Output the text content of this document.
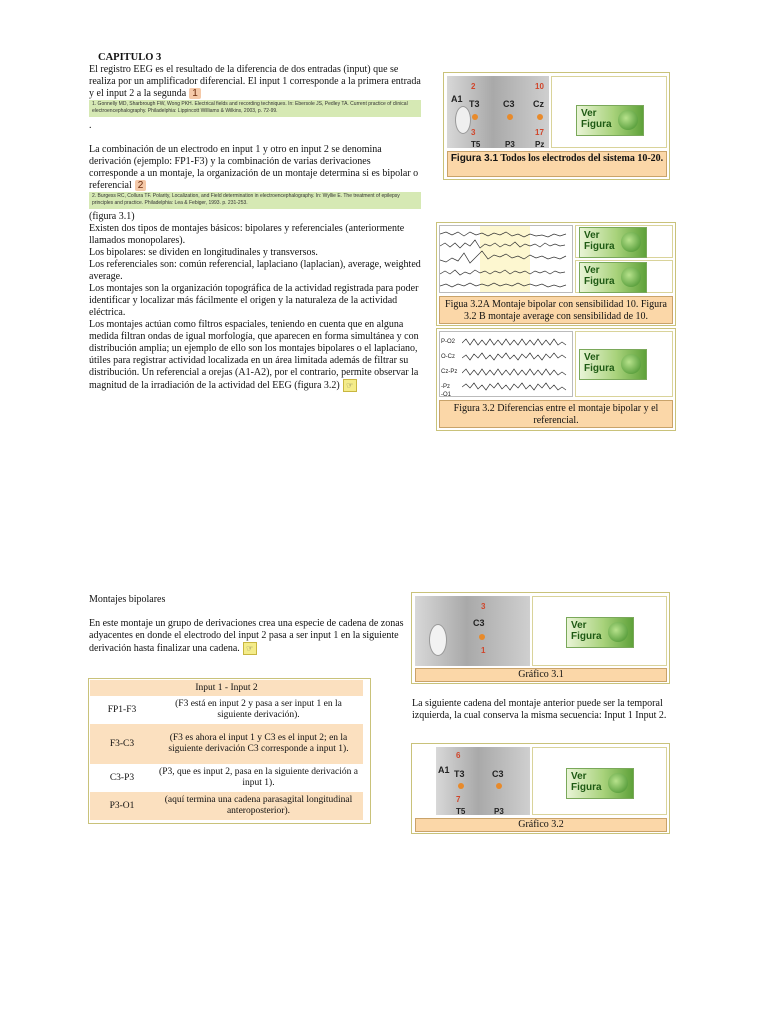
CAPITULO 3
El registro EEG es el resultado de la diferencia de dos entradas (input) que se realiza por un amplificador diferencial. El input 1 corresponde a la primera entrada y el input 2 a la segunda 1
1. Gonnelly MD, Sharbrough FW, Wong PKH. Electrical fields and recording techniques. In: Ebersole JS, Pedley TA. Current practice of clinical electroencephalography. Philadelphia: Lippincott Williams & Wilkins, 2003, p. 72-99.
.
La combinación de un electrodo en input 1 y otro en input 2 se denomina derivación (ejemplo: FP1-F3) y la combinación de varias derivaciones corresponde a un montaje, la organización de un montaje determina si es bipolar o referencial 2
2. Burgess RC, Collura TF. Polarity, Localization, and Field determination in electroencephalography. In: Wyllie E. The treatment of epilepsy principles and practice. Philadelphia: Lea & Febiger, 1993. p. 231-253.
(figura 3.1)
Existen dos tipos de montajes básicos: bipolares y referenciales (anteriormente llamados monopolares).
Los bipolares: se dividen en longitudinales y transversos.
Los referenciales son: común referencial, laplaciano (laplacian), average, weighted average.
Los montajes son la organización topográfica de la actividad registrada para poder identificar y localizar más fácilmente el origen y la naturaleza de la actividad eléctrica.
Los montajes actúan como filtros espaciales, teniendo en cuenta que en alguna medida filtran ondas de igual morfología, que aparecen en forma simultánea y con distribución amplia; un ejemplo de ello son los montajes bipolares o el laplaciano, útiles para registrar actividad localizada en un área limitada además de filtrar su distribución. Un referencial a orejas (A1-A2), por el contrario, permite observar la magnitud de la irradiación de la actividad del EEG (figura 3.2) ☞
A1 T3	C3 Cz
2	10
3	17
T5	P3	Pz
Ver
Figura
Figura 3.1 Todos los electrodos del sistema 10-20.
Ver
Figura
Ver
Figura
Figua 3.2A Montaje bipolar con sensibilidad 10. Figura 3.2 B montaje average con sensibilidad de 10.
P-O2
O-Cz
Cz-Pz
-Pz
-O1
Ver
Figura
Figura 3.2 Diferencias entre el montaje bipolar y el referencial.
Montajes bipolares
En este montaje un grupo de derivaciones crea una especie de cadena de zonas adyacentes en donde el electrodo del input 2 pasa a ser input 1 en la siguiente derivación hasta finalizar una cadena. ☞
3
C3
1
Ver
Figura
Gráfico 3.1
Input 1 - Input 2	
FP1-F3	(F3 está en input 2 y pasa a ser input 1 en la siguiente derivación).
F3-C3	(F3 es ahora el input 1 y C3 es el input 2; en la siguiente derivación C3 corresponde a input 1).
C3-P3	(P3, que es input 2, pasa en la siguiente derivación a input 1).
P3-O1	(aquí termina una cadena parasagital longitudinal anteroposterior).
La siguiente cadena del montaje anterior puede ser la temporal izquierda, la cual conserva la misma secuencia: Input 1 Input 2.
6
A1 T3	C3
7
T5	P3
Ver
Figura
Gráfico 3.2
